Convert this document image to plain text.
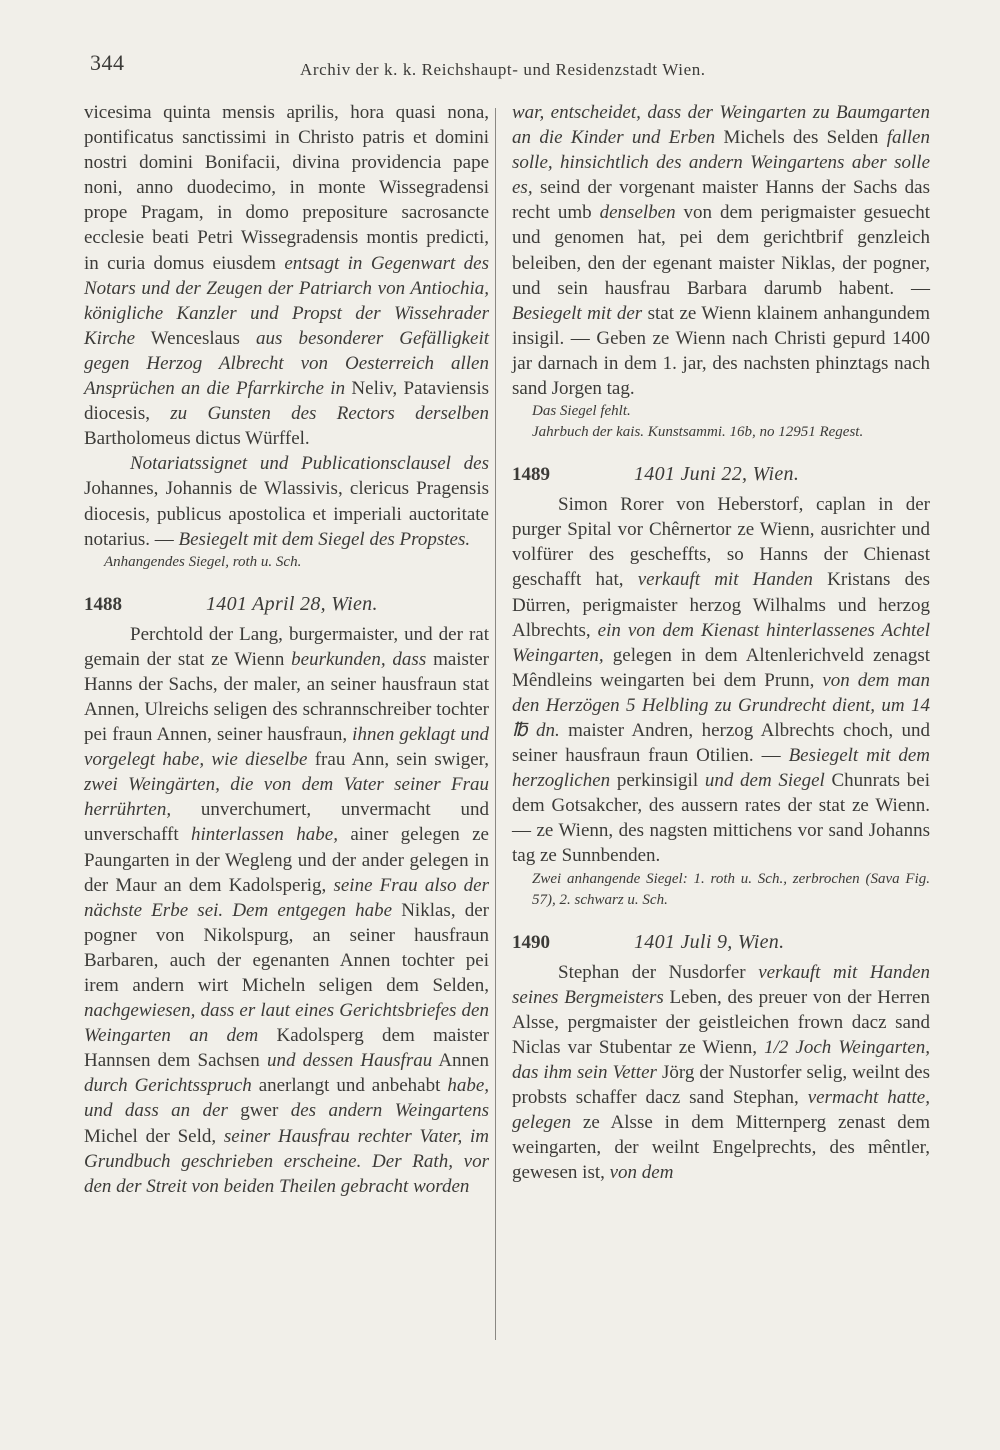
344	Archiv der k. k. Reichshaupt- und Residenzstadt Wien.

vicesima quinta mensis aprilis, hora quasi nona, pontificatus sanctissimi in Christo patris et domini nostri domini Bonifacii, divina providencia pape noni, anno duodecimo, in monte Wissegradensi prope Pragam, in domo prepositure sacrosancte ecclesie beati Petri Wissegradensis montis predicti, in curia domus eiusdem entsagt in Gegenwart des Notars und der Zeugen der Patriarch von Antiochia, königliche Kanzler und Propst der Wissehrader Kirche Wenceslaus aus besonderer Gefälligkeit gegen Herzog Albrecht von Oesterreich allen Ansprüchen an die Pfarrkirche in Neliv, Pataviensis diocesis, zu Gunsten des Rectors derselben Bartholomeus dictus Würffel.

Notariatssignet und Publicationsclausel des Johannes, Johannis de Wlassivis, clericus Pragensis diocesis, publicus apostolica et imperiali auctoritate notarius. — Besiegelt mit dem Siegel des Propstes.

Anhangendes Siegel, roth u. Sch.

1488	1401 April 28, Wien.

Perchtold der Lang, burgermaister, und der rat gemain der stat ze Wienn beurkunden, dass maister Hanns der Sachs, der maler, an seiner hausfraun stat Annen, Ulreichs seligen des schrannschreiber tochter pei fraun Annen, seiner hausfraun, ihnen geklagt und vorgelegt habe, wie dieselbe frau Ann, sein swiger, zwei Weingärten, die von dem Vater seiner Frau herrührten, unverchumert, unvermacht und unverschafft hinterlassen habe, ainer gelegen ze Paungarten in der Wegleng und der ander gelegen in der Maur an dem Kadolsperig, seine Frau also der nächste Erbe sei. Dem entgegen habe Niklas, der pogner von Nikolspurg, an seiner hausfraun Barbaren, auch der egenanten Annen tochter pei irem andern wirt Micheln seligen dem Selden, nachgewiesen, dass er laut eines Gerichtsbriefes den Weingarten an dem Kadolsperg dem maister Hannsen dem Sachsen und dessen Hausfrau Annen durch Gerichtsspruch anerlangt und anbehabt habe, und dass an der gwer des andern Weingartens Michel der Seld, seiner Hausfrau rechter Vater, im Grundbuch geschrieben erscheine. Der Rath, vor den der Streit von beiden Theilen gebracht worden

war, entscheidet, dass der Weingarten zu Baumgarten an die Kinder und Erben Michels des Selden fallen solle, hinsichtlich des andern Weingartens aber solle es, seind der vorgenant maister Hanns der Sachs das recht umb denselben von dem perigmaister gesuecht und genomen hat, pei dem gerichtbrif genzleich beleiben, den der egenant maister Niklas, der pogner, und sein hausfrau Barbara darumb habent. — Besiegelt mit der stat ze Wienn klainem anhangundem insigil. — Geben ze Wienn nach Christi gepurd 1400 jar darnach in dem 1. jar, des nachsten phinztags nach sand Jorgen tag.

Das Siegel fehlt.

Jahrbuch der kais. Kunstsammi. 16b, no 12951 Regest.

1489	1401 Juni 22, Wien.

Simon Rorer von Heberstorf, caplan in der purger Spital vor Chêrnertor ze Wienn, ausrichter und volfürer des gescheffts, so Hanns der Chienast geschafft hat, verkauft mit Handen Kristans des Dürren, perigmaister herzog Wilhalms und herzog Albrechts, ein von dem Kienast hinterlassenes Achtel Weingarten, gelegen in dem Altenlerichveld zenagst Mêndleins weingarten bei dem Prunn, von dem man den Herzögen 5 Helbling zu Grundrecht dient, um 14 ℔ dn. maister Andren, herzog Albrechts choch, und seiner hausfraun fraun Otilien. — Besiegelt mit dem herzoglichen perkinsigil und dem Siegel Chunrats bei dem Gotsakcher, des aussern rates der stat ze Wienn. — ze Wienn, des nagsten mittichens vor sand Johanns tag ze Sunnbenden.

Zwei anhangende Siegel: 1. roth u. Sch., zerbrochen (Sava Fig. 57), 2. schwarz u. Sch.

1490	1401 Juli 9, Wien.

Stephan der Nusdorfer verkauft mit Handen seines Bergmeisters Leben, des preuer von der Herren Alsse, pergmaister der geistleichen frown dacz sand Niclas var Stubentar ze Wienn, 1/2 Joch Weingarten, das ihm sein Vetter Jörg der Nustorfer selig, weilnt des probsts schaffer dacz sand Stephan, vermacht hatte, gelegen ze Alsse in dem Mitternperg zenast dem weingarten, der weilnt Engelprechts, des mêntler, gewesen ist, von dem
